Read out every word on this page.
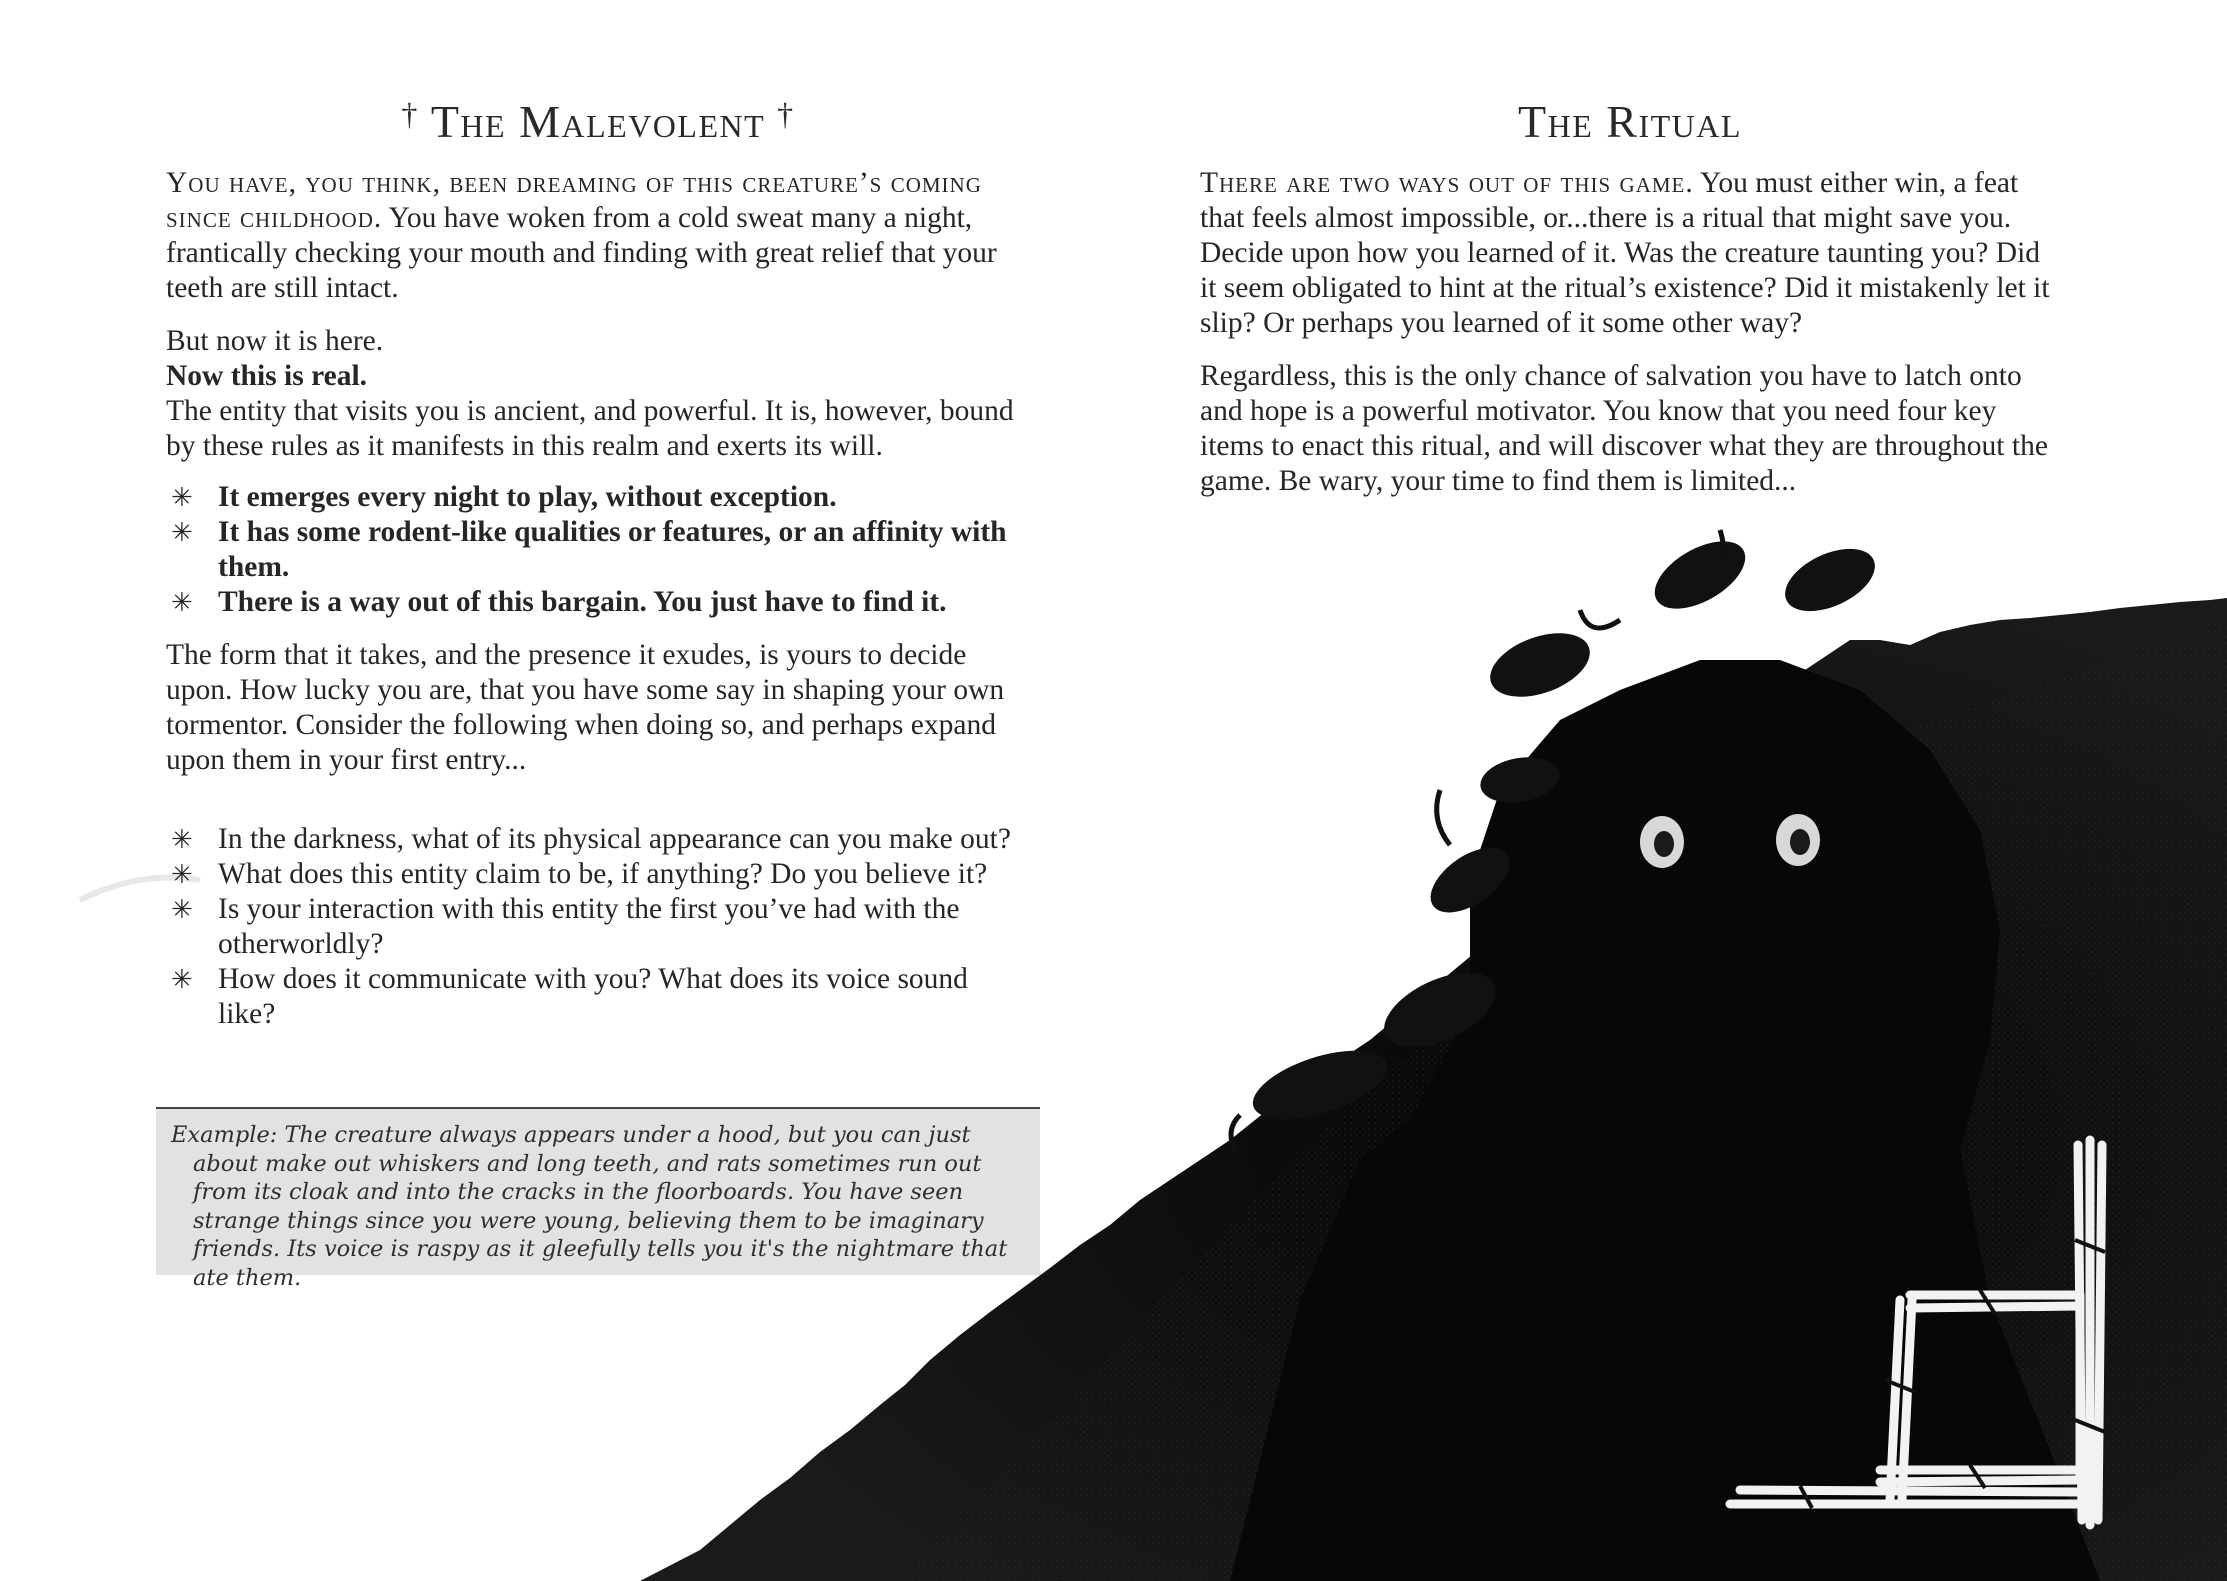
† The Malevolent †

You have, you think, been dreaming of this creature’s coming since childhood. You have woken from a cold sweat many a night, frantically checking your mouth and finding with great relief that your teeth are still intact.

But now it is here.

Now this is real.

The entity that visits you is ancient, and powerful. It is, however, bound by these rules as it manifests in this realm and exerts its will.

✳ It emerges every night to play, without exception.
✳ It has some rodent-like qualities or features, or an affinity with them.
✳ There is a way out of this bargain. You just have to find it.

The form that it takes, and the presence it exudes, is yours to decide upon. How lucky you are, that you have some say in shaping your own tormentor. Consider the following when doing so, and perhaps expand upon them in your first entry...

✳ In the darkness, what of its physical appearance can you make out?
✳ What does this entity claim to be, if anything? Do you believe it?
✳ Is your interaction with this entity the first you’ve had with the otherworldly?
✳ How does it communicate with you? What does its voice sound like?
Example: The creature always appears under a hood, but you can just about make out whiskers and long teeth, and rats sometimes run out from its cloak and into the cracks in the floorboards. You have seen strange things since you were young, believing them to be imaginary friends. Its voice is raspy as it gleefully tells you it's the nightmare that ate them.
The Ritual

There are two ways out of this game. You must either win, a feat that feels almost impossible, or...there is a ritual that might save you. Decide upon how you learned of it. Was the creature taunting you? Did it seem obligated to hint at the ritual’s existence? Did it mistakenly let it slip? Or perhaps you learned of it some other way?

Regardless, this is the only chance of salvation you have to latch onto and hope is a powerful motivator. You know that you need four key items to enact this ritual, and will discover what they are throughout the game. Be wary, your time to find them is limited...
